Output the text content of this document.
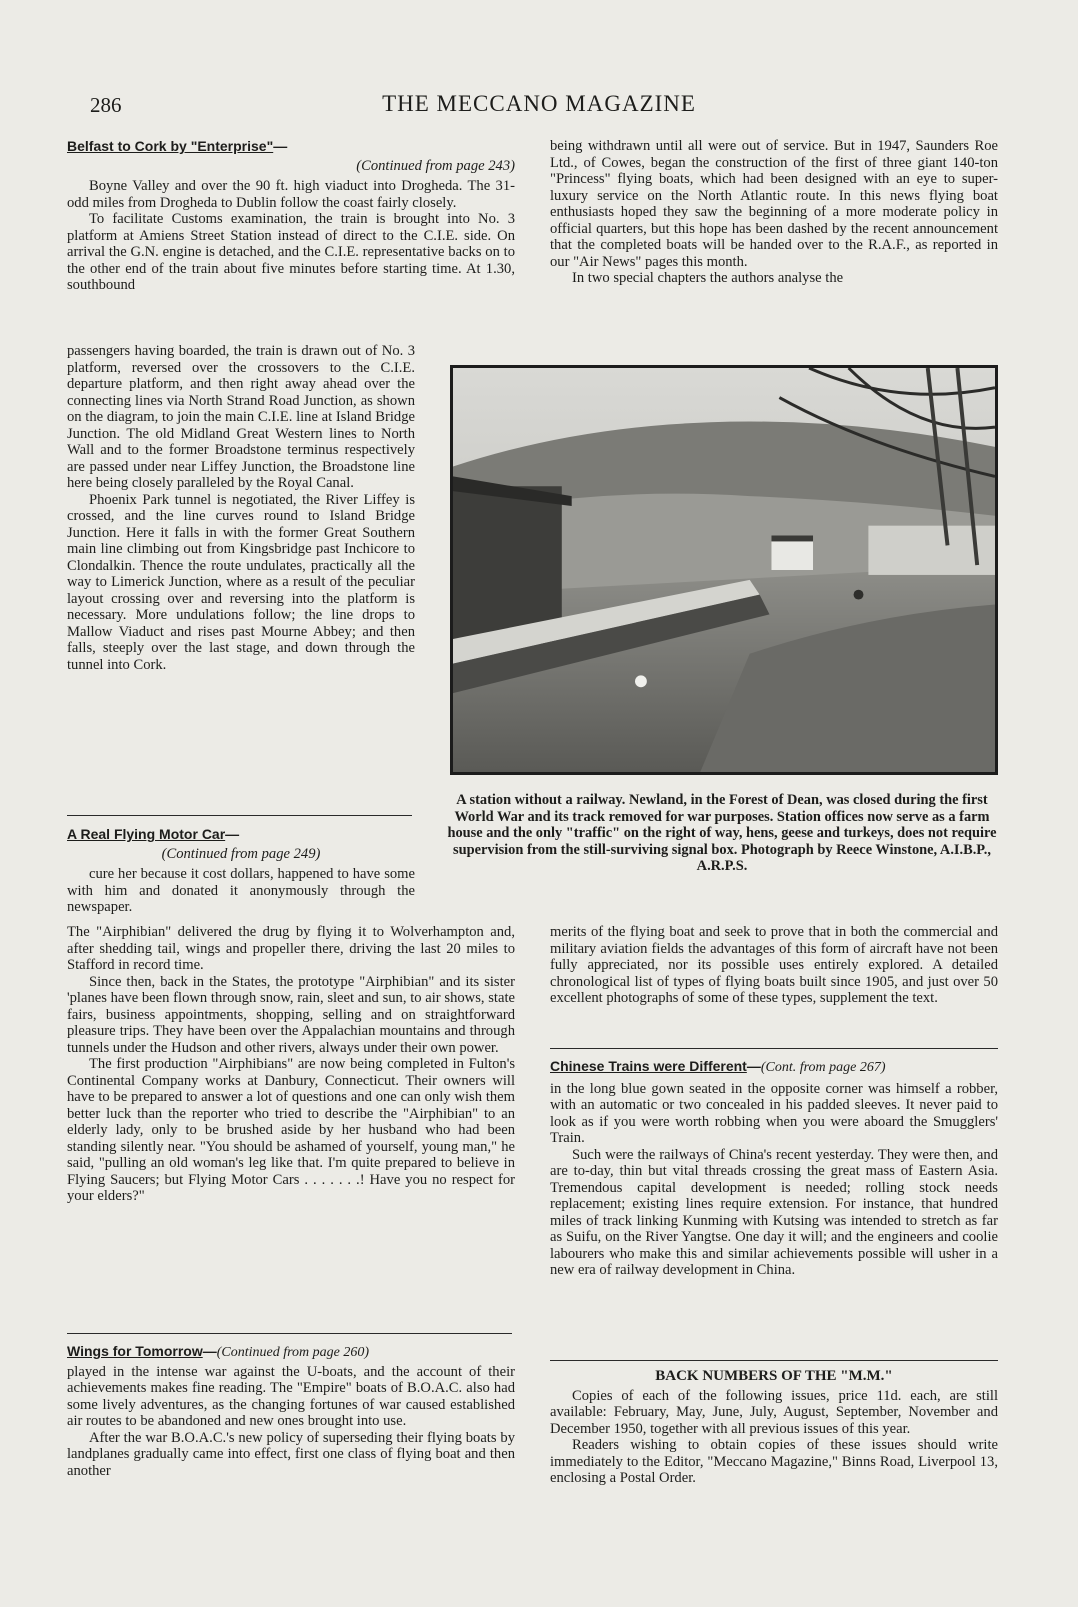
286	THE MECCANO MAGAZINE

Belfast to Cork by "Enterprise"—

(Continued from page 243)

Boyne Valley and over the 90 ft. high viaduct into Drogheda. The 31-odd miles from Drogheda to Dublin follow the coast fairly closely.

To facilitate Customs examination, the train is brought into No. 3 platform at Amiens Street Station instead of direct to the C.I.E. side. On arrival the G.N. engine is detached, and the C.I.E. representative backs on to the other end of the train about five minutes before starting time. At 1.30, southbound

passengers having boarded, the train is drawn out of No. 3 platform, reversed over the crossovers to the C.I.E. departure platform, and then right away ahead over the connecting lines via North Strand Road Junction, as shown on the diagram, to join the main C.I.E. line at Island Bridge Junction. The old Midland Great Western lines to North Wall and to the former Broadstone terminus respectively are passed under near Liffey Junction, the Broadstone line here being closely paralleled by the Royal Canal.

Phoenix Park tunnel is negotiated, the River Liffey is crossed, and the line curves round to Island Bridge Junction. Here it falls in with the former Great Southern main line climbing out from Kingsbridge past Inchicore to Clondalkin. Thence the route undulates, practically all the way to Limerick Junction, where as a result of the peculiar layout crossing over and reversing into the platform is necessary. More undulations follow; the line drops to Mallow Viaduct and rises past Mourne Abbey; and then falls, steeply over the last stage, and down through the tunnel into Cork.

A Real Flying Motor Car—

(Continued from page 249)

cure her because it cost dollars, happened to have some with him and donated it anonymously through the newspaper.

The "Airphibian" delivered the drug by flying it to Wolverhampton and, after shedding tail, wings and propeller there, driving the last 20 miles to Stafford in record time.

Since then, back in the States, the prototype "Airphibian" and its sister 'planes have been flown through snow, rain, sleet and sun, to air shows, state fairs, business appointments, shopping, selling and on straightforward pleasure trips. They have been over the Appalachian mountains and through tunnels under the Hudson and other rivers, always under their own power.

The first production "Airphibians" are now being completed in Fulton's Continental Company works at Danbury, Connecticut. Their owners will have to be prepared to answer a lot of questions and one can only wish them better luck than the reporter who tried to describe the "Airphibian" to an elderly lady, only to be brushed aside by her husband who had been standing silently near. "You should be ashamed of yourself, young man," he said, "pulling an old woman's leg like that. I'm quite prepared to believe in Flying Saucers; but Flying Motor Cars . . . . . . .! Have you no respect for your elders?"

Wings for Tomorrow—(Continued from page 260)

played in the intense war against the U-boats, and the account of their achievements makes fine reading. The "Empire" boats of B.O.A.C. also had some lively adventures, as the changing fortunes of war caused established air routes to be abandoned and new ones brought into use.

After the war B.O.A.C.'s new policy of superseding their flying boats by landplanes gradually came into effect, first one class of flying boat and then another

being withdrawn until all were out of service. But in 1947, Saunders Roe Ltd., of Cowes, began the construction of the first of three giant 140-ton "Princess" flying boats, which had been designed with an eye to super-luxury service on the North Atlantic route. In this news flying boat enthusiasts hoped they saw the beginning of a more moderate policy in official quarters, but this hope has been dashed by the recent announcement that the completed boats will be handed over to the R.A.F., as reported in our "Air News" pages this month.

In two special chapters the authors analyse the

A station without a railway. Newland, in the Forest of Dean, was closed during the first World War and its track removed for war purposes. Station offices now serve as a farm house and the only "traffic" on the right of way, hens, geese and turkeys, does not require supervision from the still-surviving signal box. Photograph by Reece Winstone, A.I.B.P., A.R.P.S.

merits of the flying boat and seek to prove that in both the commercial and military aviation fields the advantages of this form of aircraft have not been fully appreciated, nor its possible uses entirely explored. A detailed chronological list of types of flying boats built since 1905, and just over 50 excellent photographs of some of these types, supplement the text.

Chinese Trains were Different—(Cont. from page 267)

in the long blue gown seated in the opposite corner was himself a robber, with an automatic or two concealed in his padded sleeves. It never paid to look as if you were worth robbing when you were aboard the Smugglers' Train.

Such were the railways of China's recent yesterday. They were then, and are to-day, thin but vital threads crossing the great mass of Eastern Asia. Tremendous capital development is needed; rolling stock needs replacement; existing lines require extension. For instance, that hundred miles of track linking Kunming with Kutsing was intended to stretch as far as Suifu, on the River Yangtse. One day it will; and the engineers and coolie labourers who make this and similar achievements possible will usher in a new era of railway development in China.

BACK NUMBERS OF THE "M.M."

Copies of each of the following issues, price 11d. each, are still available: February, May, June, July, August, September, November and December 1950, together with all previous issues of this year.

Readers wishing to obtain copies of these issues should write immediately to the Editor, "Meccano Magazine," Binns Road, Liverpool 13, enclosing a Postal Order.
